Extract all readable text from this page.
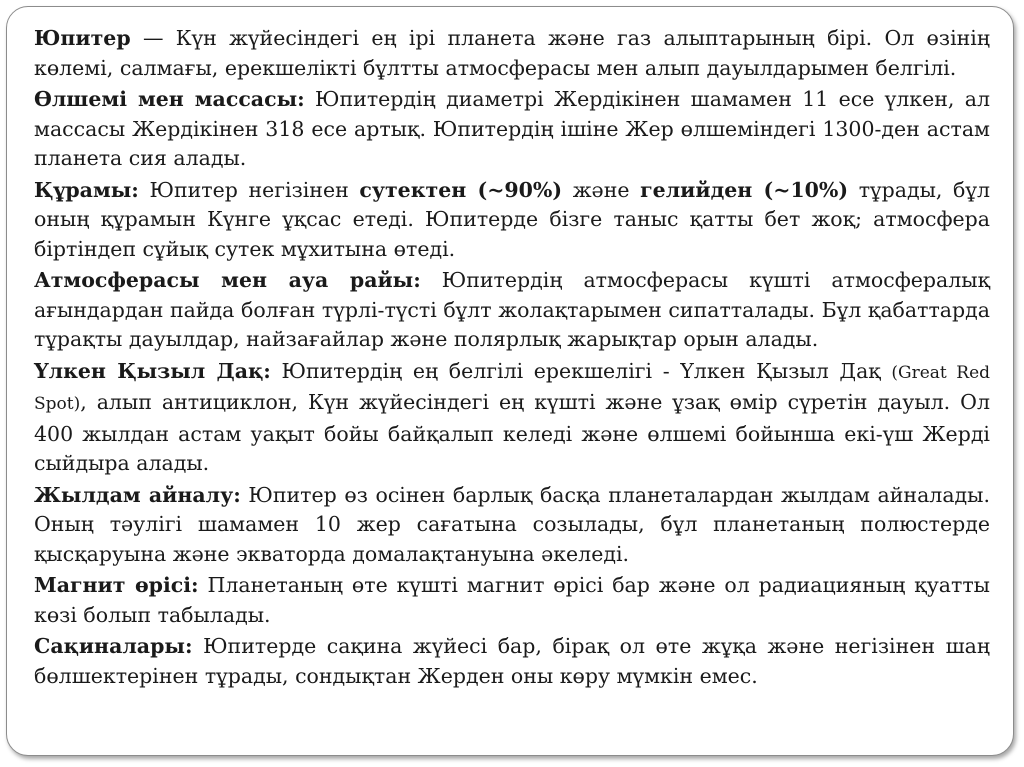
Юпитер — Күн жүйесіндегі ең ірі планета және газ алыптарының бірі. Ол өзінің көлемі, салмағы, ерекшелікті бұлтты атмосферасы мен алып дауылдарымен белгілі.

Өлшемі мен массасы: Юпитердің диаметрі Жердікінен шамамен 11 есе үлкен, ал массасы Жердікінен 318 есе артық. Юпитердің ішіне Жер өлшеміндегі 1300-ден астам планета сия алады.

Құрамы: Юпитер негізінен сутектен (~90%) және гелийден (~10%) тұрады, бұл оның құрамын Күнге ұқсас етеді. Юпитерде бізге таныс қатты бет жоқ; атмосфера біртіндеп сұйық сутек мұхитына өтеді.

Атмосферасы мен ауа райы: Юпитердің атмосферасы күшті атмосфералық ағындардан пайда болған түрлі-түсті бұлт жолақтарымен сипатталады. Бұл қабаттарда тұрақты дауылдар, найзағайлар және полярлық жарықтар орын алады.

Үлкен Қызыл Дақ: Юпитердің ең белгілі ерекшелігі - Үлкен Қызыл Дақ (Great Red Spot), алып антициклон, Күн жүйесіндегі ең күшті және ұзақ өмір сүретін дауыл. Ол 400 жылдан астам уақыт бойы байқалып келеді және өлшемі бойынша екі-үш Жерді сыйдыра алады.

Жылдам айналу: Юпитер өз осінен барлық басқа планеталардан жылдам айналады. Оның тәулігі шамамен 10 жер сағатына созылады, бұл планетаның полюстерде қысқаруына және экваторда домалақтануына әкеледі.

Магнит өрісі: Планетаның өте күшті магнит өрісі бар және ол радиацияның қуатты көзі болып табылады.

Сақиналары: Юпитерде сақина жүйесі бар, бірақ ол өте жұқа және негізінен шаң бөлшектерінен тұрады, сондықтан Жерден оны көру мүмкін емес.
